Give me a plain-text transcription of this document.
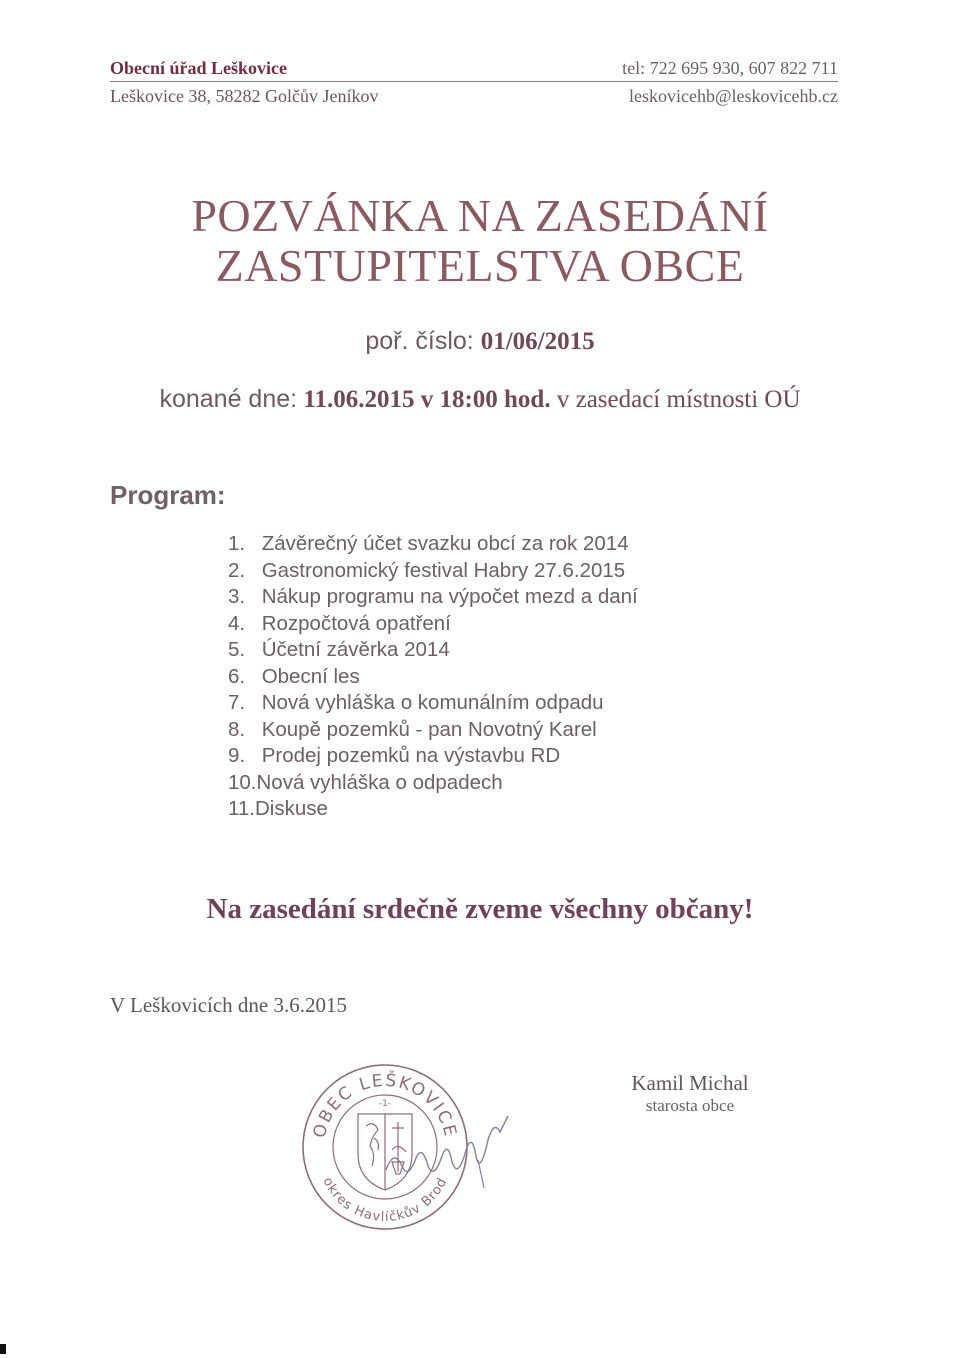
Obecní úřad Leškovice
Leškovice 38, 58282 Golčův Jeníkov
tel: 722 695 930, 607 822 711
leskovicehb@leskovicehb.cz
POZVÁNKA NA ZASEDÁNÍ
ZASTUPITELSTVA OBCE
poř. číslo: 01/06/2015
konané dne: 11.06.2015 v 18:00 hod. v zasedací místnosti OÚ
Program:
1. Závěrečný účet svazku obcí za rok 2014
2. Gastronomický festival Habry 27.6.2015
3. Nákup programu na výpočet mezd a daní
4. Rozpočtová opatření
5. Účetní závěrka 2014
6. Obecní les
7. Nová vyhláška o komunálním odpadu
8. Koupě pozemků - pan Novotný Karel
9. Prodej pozemků na výstavbu RD
10.Nová vyhláška o odpadech
11.Diskuse
Na zasedání srdečně zveme všechny občany!
V Leškovicích dne 3.6.2015
OBEC LEŠKOVICE
okres Havlíčkův Brod
-1-
Kamil Michal
starosta obce
